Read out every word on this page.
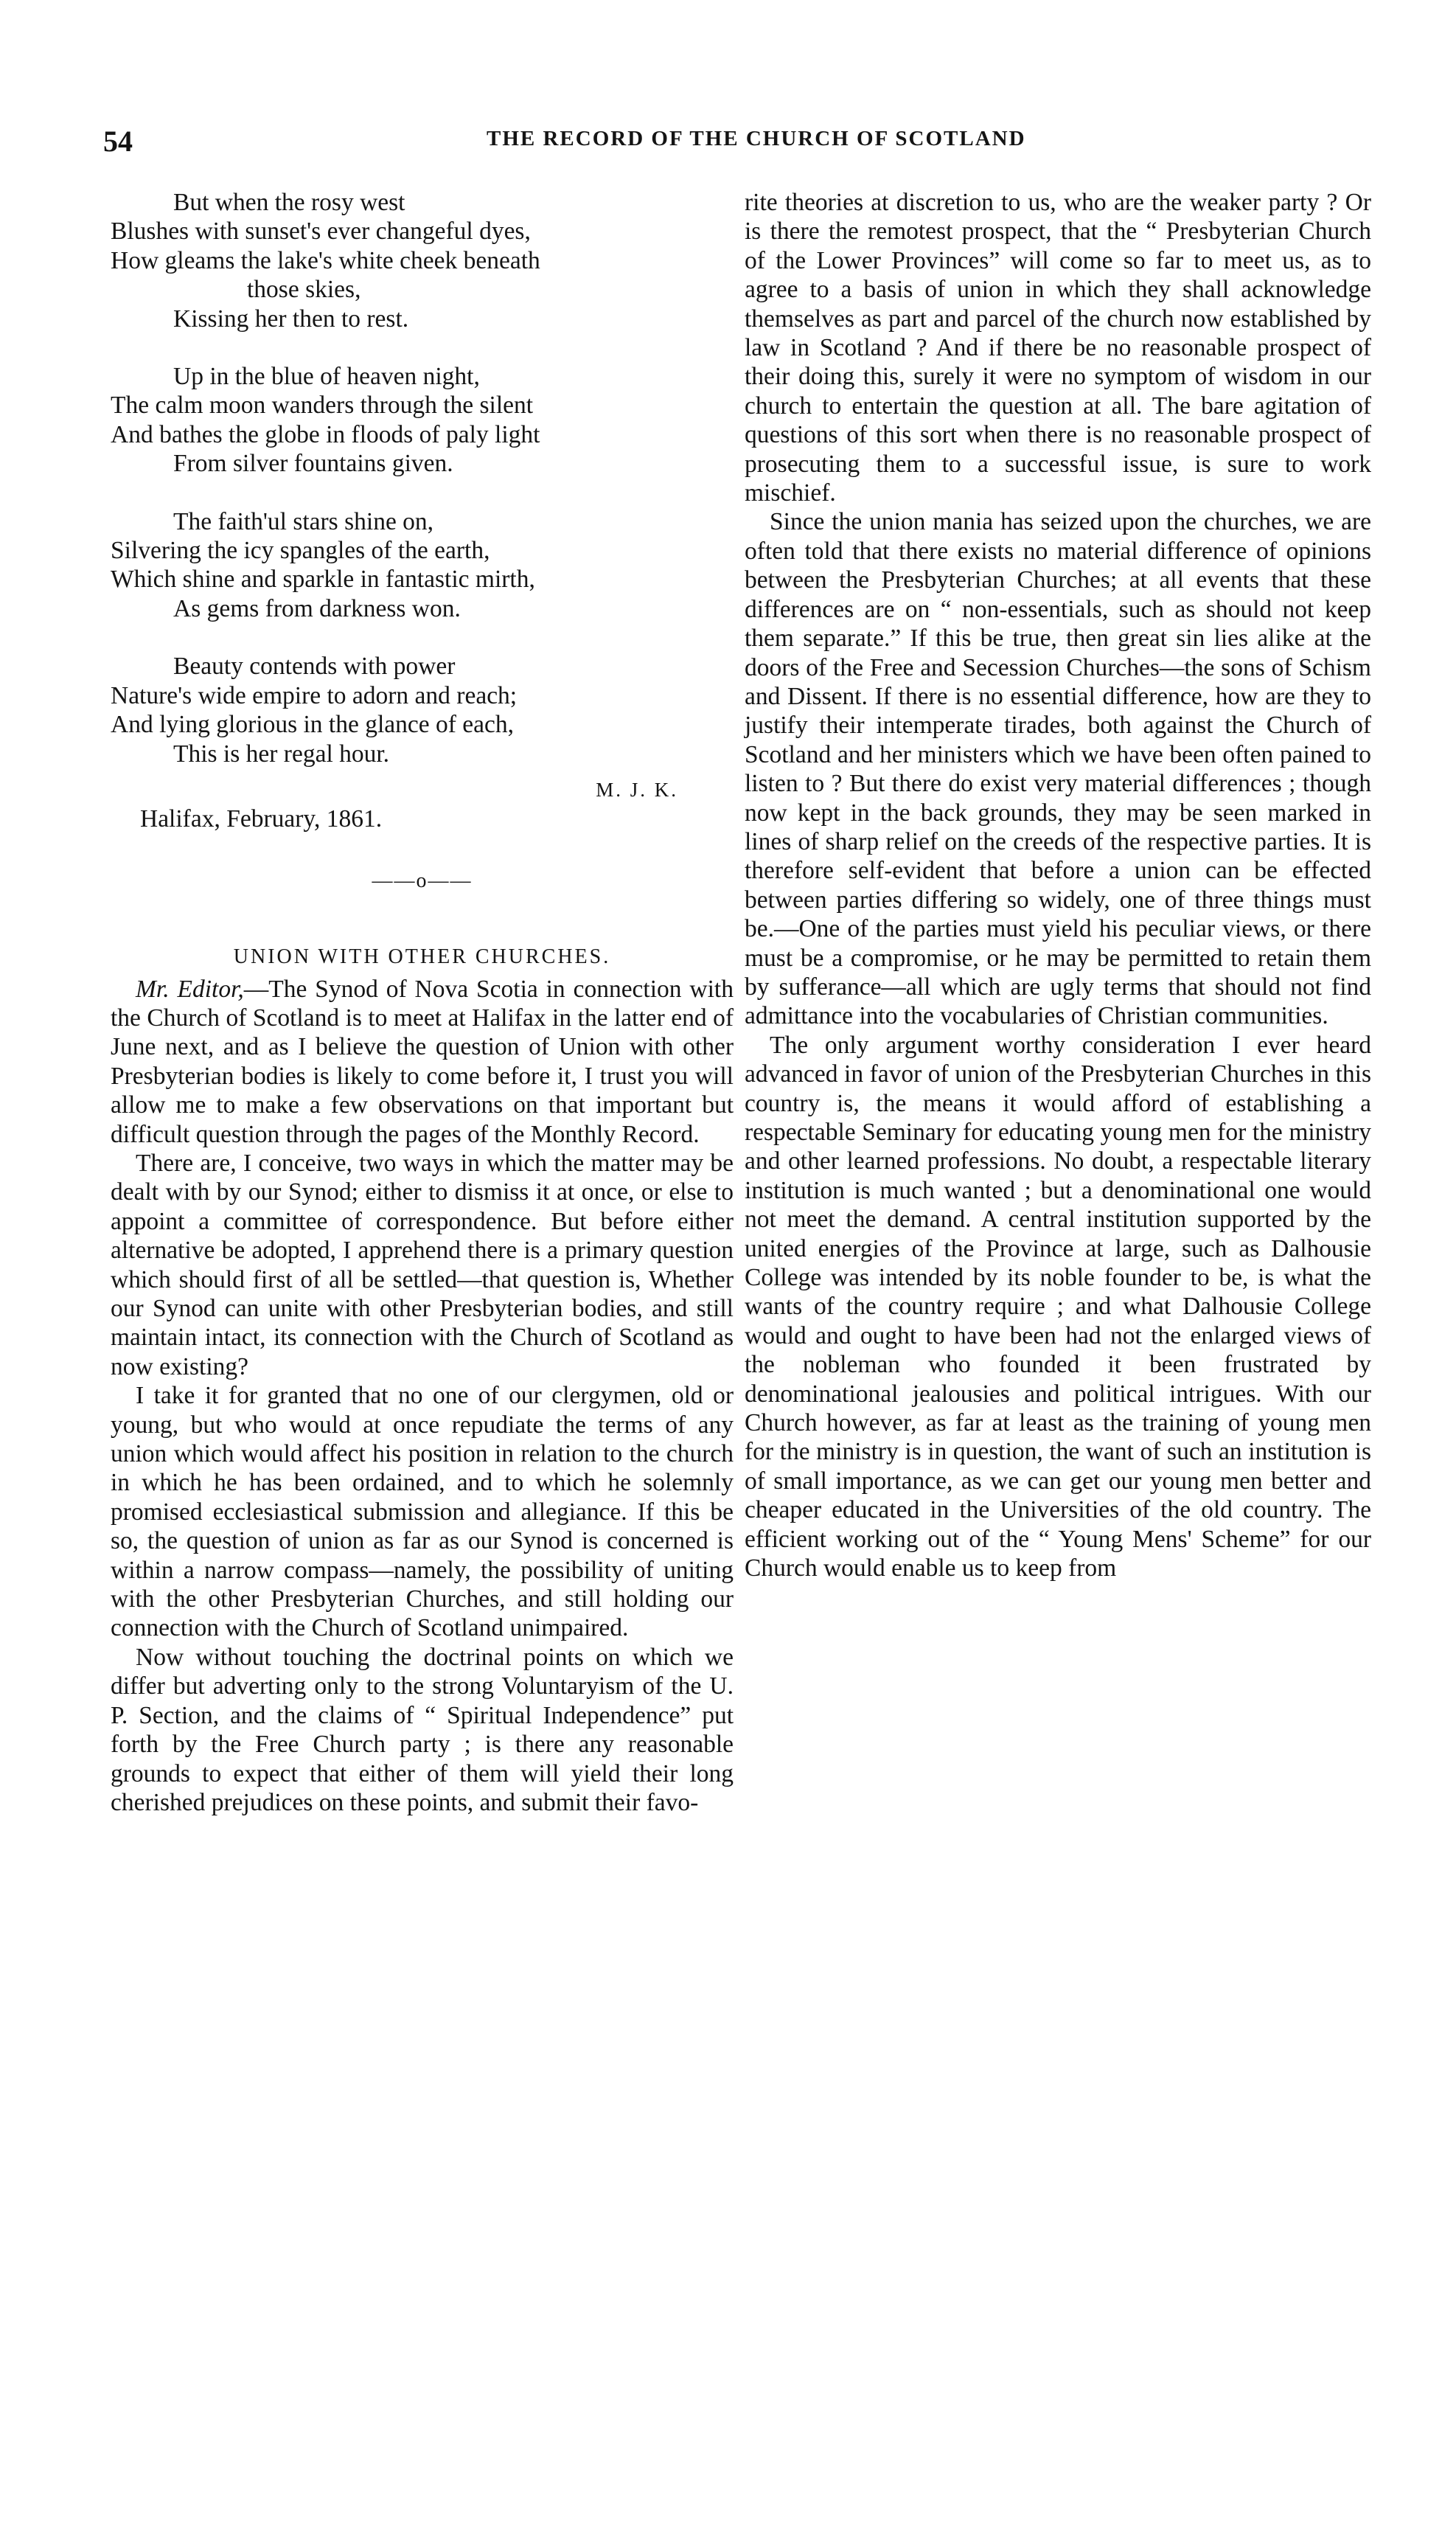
54	THE RECORD OF THE CHURCH OF SCOTLAND

But when the rosy west

Blushes with sunset's ever changeful dyes,

How gleams the lake's white cheek beneath

those skies,

Kissing her then to rest.

Up in the blue of heaven night,

The calm moon wanders through the silent

And bathes the globe in floods of paly light

From silver fountains given.

The faith'ul stars shine on,

Silvering the icy spangles of the earth,

Which shine and sparkle in fantastic mirth,

As gems from darkness won.

Beauty contends with power

Nature's wide empire to adorn and reach;

And lying glorious in the glance of each,

This is her regal hour.

M. J. K.

Halifax, February, 1861.

——o——

UNION WITH OTHER CHURCHES.

Mr. Editor,—The Synod of Nova Scotia in connection with the Church of Scotland is to meet at Halifax in the latter end of June next, and as I believe the question of Union with other Presbyterian bodies is likely to come before it, I trust you will allow me to make a few observations on that important but difficult question through the pages of the Monthly Record.

There are, I conceive, two ways in which the matter may be dealt with by our Synod; either to dismiss it at once, or else to appoint a committee of correspondence. But before either alternative be adopted, I apprehend there is a primary question which should first of all be settled—that question is, Whether our Synod can unite with other Presbyterian bodies, and still maintain intact, its connection with the Church of Scotland as now existing?

I take it for granted that no one of our clergymen, old or young, but who would at once repudiate the terms of any union which would affect his position in relation to the church in which he has been ordained, and to which he solemnly promised ecclesiastical submission and allegiance. If this be so, the question of union as far as our Synod is concerned is within a narrow compass—namely, the possibility of uniting with the other Presbyterian Churches, and still holding our connection with the Church of Scotland unimpaired.

Now without touching the doctrinal points on which we differ but adverting only to the strong Voluntaryism of the U. P. Section, and the claims of “ Spiritual Independence” put forth by the Free Church party ; is there any reasonable grounds to expect that either of them will yield their long cherished prejudices on these points, and submit their favo-

rite theories at discretion to us, who are the weaker party ? Or is there the remotest prospect, that the “ Presbyterian Church of the Lower Provinces” will come so far to meet us, as to agree to a basis of union in which they shall acknowledge themselves as part and parcel of the church now established by law in Scotland ? And if there be no reasonable prospect of their doing this, surely it were no symptom of wisdom in our church to entertain the question at all. The bare agitation of questions of this sort when there is no reasonable prospect of prosecuting them to a successful issue, is sure to work mischief.

Since the union mania has seized upon the churches, we are often told that there exists no material difference of opinions between the Presbyterian Churches; at all events that these differences are on “ non-essentials, such as should not keep them separate.” If this be true, then great sin lies alike at the doors of the Free and Secession Churches—the sons of Schism and Dissent. If there is no essential difference, how are they to justify their intemperate tirades, both against the Church of Scotland and her ministers which we have been often pained to listen to ? But there do exist very material differences ; though now kept in the back grounds, they may be seen marked in lines of sharp relief on the creeds of the respective parties. It is therefore self-evident that before a union can be effected between parties differing so widely, one of three things must be.—One of the parties must yield his peculiar views, or there must be a compromise, or he may be permitted to retain them by sufferance—all which are ugly terms that should not find admittance into the vocabularies of Christian communities.

The only argument worthy consideration I ever heard advanced in favor of union of the Presbyterian Churches in this country is, the means it would afford of establishing a respectable Seminary for educating young men for the ministry and other learned professions. No doubt, a respectable literary institution is much wanted ; but a denominational one would not meet the demand. A central institution supported by the united energies of the Province at large, such as Dalhousie College was intended by its noble founder to be, is what the wants of the country require ; and what Dalhousie College would and ought to have been had not the enlarged views of the nobleman who founded it been frustrated by denominational jealousies and political intrigues. With our Church however, as far at least as the training of young men for the ministry is in question, the want of such an institution is of small importance, as we can get our young men better and cheaper educated in the Universities of the old country. The efficient working out of the “ Young Mens' Scheme” for our Church would enable us to keep from
